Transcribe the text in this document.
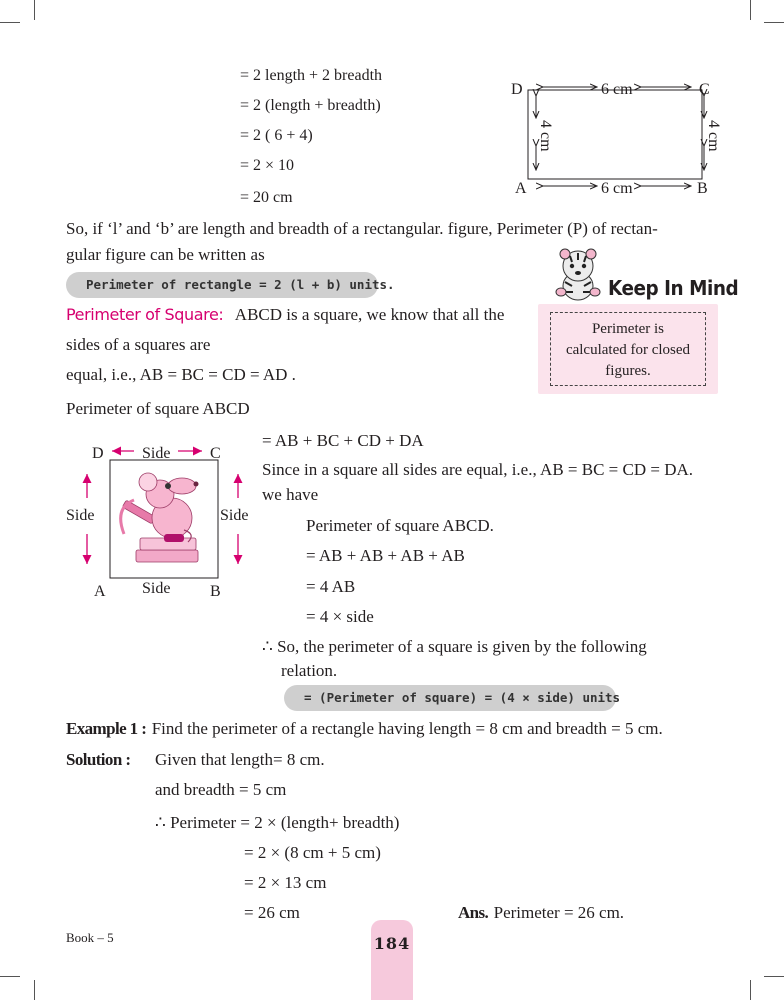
= 2 length + 2 breadth
= 2 (length + breadth)
= 2 ( 6 + 4)
= 2 × 10
= 20 cm
D	C
A	B
6 cm
6 cm
4 cm	4 cm
So, if ‘l’ and ‘b’ are length and breadth of a rectangular. figure, Perimeter (P) of rectan-
gular figure can be written as
Perimeter of rectangle = 2 (l + b) units.	Keep In Mind
Perimeter is
calculated for closed
figures.
Perimeter of Square: ABCD is a square, we know that all the
sides of a squares are
equal, i.e., AB = BC = CD = AD .
Perimeter of square ABCD
D	C
A	B
Side
Side
Side	Side
= AB + BC + CD + DA
Since in a square all sides are equal, i.e., AB = BC = CD = DA.
we have
Perimeter of square ABCD.
= AB + AB + AB + AB
= 4 AB
= 4 × side
∴ So, the perimeter of a square is given by the following
relation.
= (Perimeter of square) = (4 × side) units
Example 1 : Find the perimeter of a rectangle having length = 8 cm and breadth = 5 cm.
Solution : Given that length= 8 cm.
and breadth = 5 cm
∴ Perimeter = 2 × (length+ breadth)
= 2 × (8 cm + 5 cm)
= 2 × 13 cm
= 26 cm	Ans. Perimeter = 26 cm.
Book – 5	184
